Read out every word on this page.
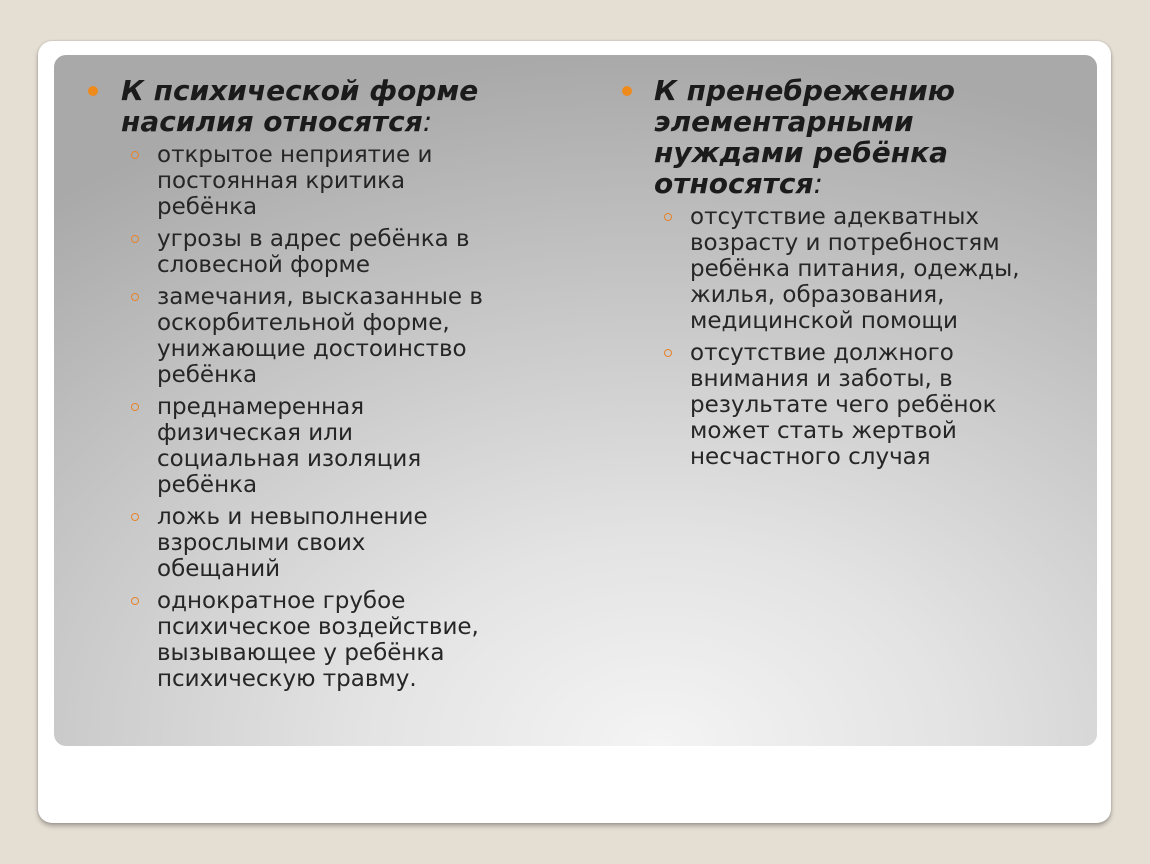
К психической форме
насилия относятся:
открытое неприятие и
постоянная критика
ребёнка
угрозы в адрес ребёнка в
словесной форме
замечания, высказанные в
оскорбительной форме,
унижающие достоинство
ребёнка
преднамеренная
физическая или
социальная изоляция
ребёнка
ложь и невыполнение
взрослыми своих
обещаний
однократное грубое
психическое воздействие,
вызывающее у ребёнка
психическую травму.
К пренебрежению
элементарными
нуждами ребёнка
относятся:
отсутствие адекватных
возрасту и потребностям
ребёнка питания, одежды,
жилья, образования,
медицинской помощи
отсутствие должного
внимания и заботы, в
результате чего ребёнок
может стать жертвой
несчастного случая
